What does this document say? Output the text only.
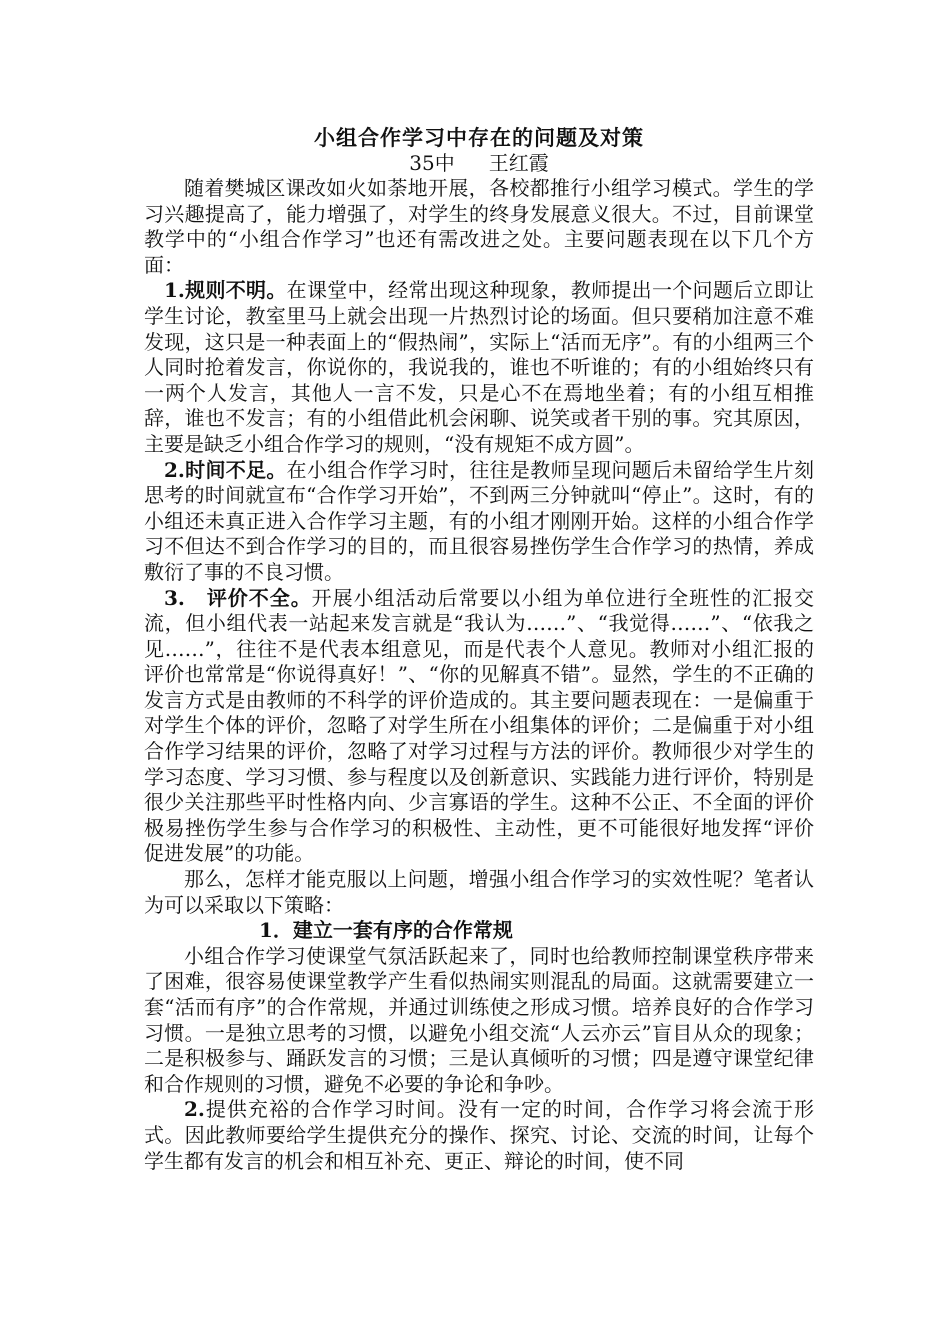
小组合作学习中存在的问题及对策
35中 王红霞

随着樊城区课改如火如荼地开展，各校都推行小组学习模式。学生的学习兴趣提高了，能力增强了，对学生的终身发展意义很大。不过，目前课堂教学中的“小组合作学习”也还有需改进之处。主要问题表现在以下几个方面：

1.规则不明。在课堂中，经常出现这种现象，教师提出一个问题后立即让学生讨论，教室里马上就会出现一片热烈讨论的场面。但只要稍加注意不难发现，这只是一种表面上的“假热闹”，实际上“活而无序”。有的小组两三个人同时抢着发言，你说你的，我说我的，谁也不听谁的；有的小组始终只有一两个人发言，其他人一言不发，只是心不在焉地坐着；有的小组互相推辞，谁也不发言；有的小组借此机会闲聊、说笑或者干别的事。究其原因，主要是缺乏小组合作学习的规则，“没有规矩不成方圆”。

2.时间不足。在小组合作学习时，往往是教师呈现问题后未留给学生片刻思考的时间就宣布“合作学习开始”，不到两三分钟就叫“停止”。这时，有的小组还未真正进入合作学习主题，有的小组才刚刚开始。这样的小组合作学习不但达不到合作学习的目的，而且很容易挫伤学生合作学习的热情，养成敷衍了事的不良习惯。

3.　评价不全。开展小组活动后常要以小组为单位进行全班性的汇报交流，但小组代表一站起来发言就是“我认为……”、“我觉得……”、“依我之见……”，往往不是代表本组意见，而是代表个人意见。教师对小组汇报的评价也常常是“你说得真好！”、“你的见解真不错”。显然，学生的不正确的发言方式是由教师的不科学的评价造成的。其主要问题表现在：一是偏重于对学生个体的评价，忽略了对学生所在小组集体的评价；二是偏重于对小组合作学习结果的评价，忽略了对学习过程与方法的评价。教师很少对学生的学习态度、学习习惯、参与程度以及创新意识、实践能力进行评价，特别是很少关注那些平时性格内向、少言寡语的学生。这种不公正、不全面的评价极易挫伤学生参与合作学习的积极性、主动性，更不可能很好地发挥“评价促进发展”的功能。

那么，怎样才能克服以上问题，增强小组合作学习的实效性呢？笔者认为可以采取以下策略：

1．建立一套有序的合作常规

小组合作学习使课堂气氛活跃起来了，同时也给教师控制课堂秩序带来了困难，很容易使课堂教学产生看似热闹实则混乱的局面。这就需要建立一套“活而有序”的合作常规，并通过训练使之形成习惯。培养良好的合作学习习惯。一是独立思考的习惯，以避免小组交流“人云亦云”盲目从众的现象；二是积极参与、踊跃发言的习惯；三是认真倾听的习惯；四是遵守课堂纪律和合作规则的习惯，避免不必要的争论和争吵。

2.提供充裕的合作学习时间。没有一定的时间，合作学习将会流于形式。因此教师要给学生提供充分的操作、探究、讨论、交流的时间，让每个学生都有发言的机会和相互补充、更正、辩论的时间，使不同
